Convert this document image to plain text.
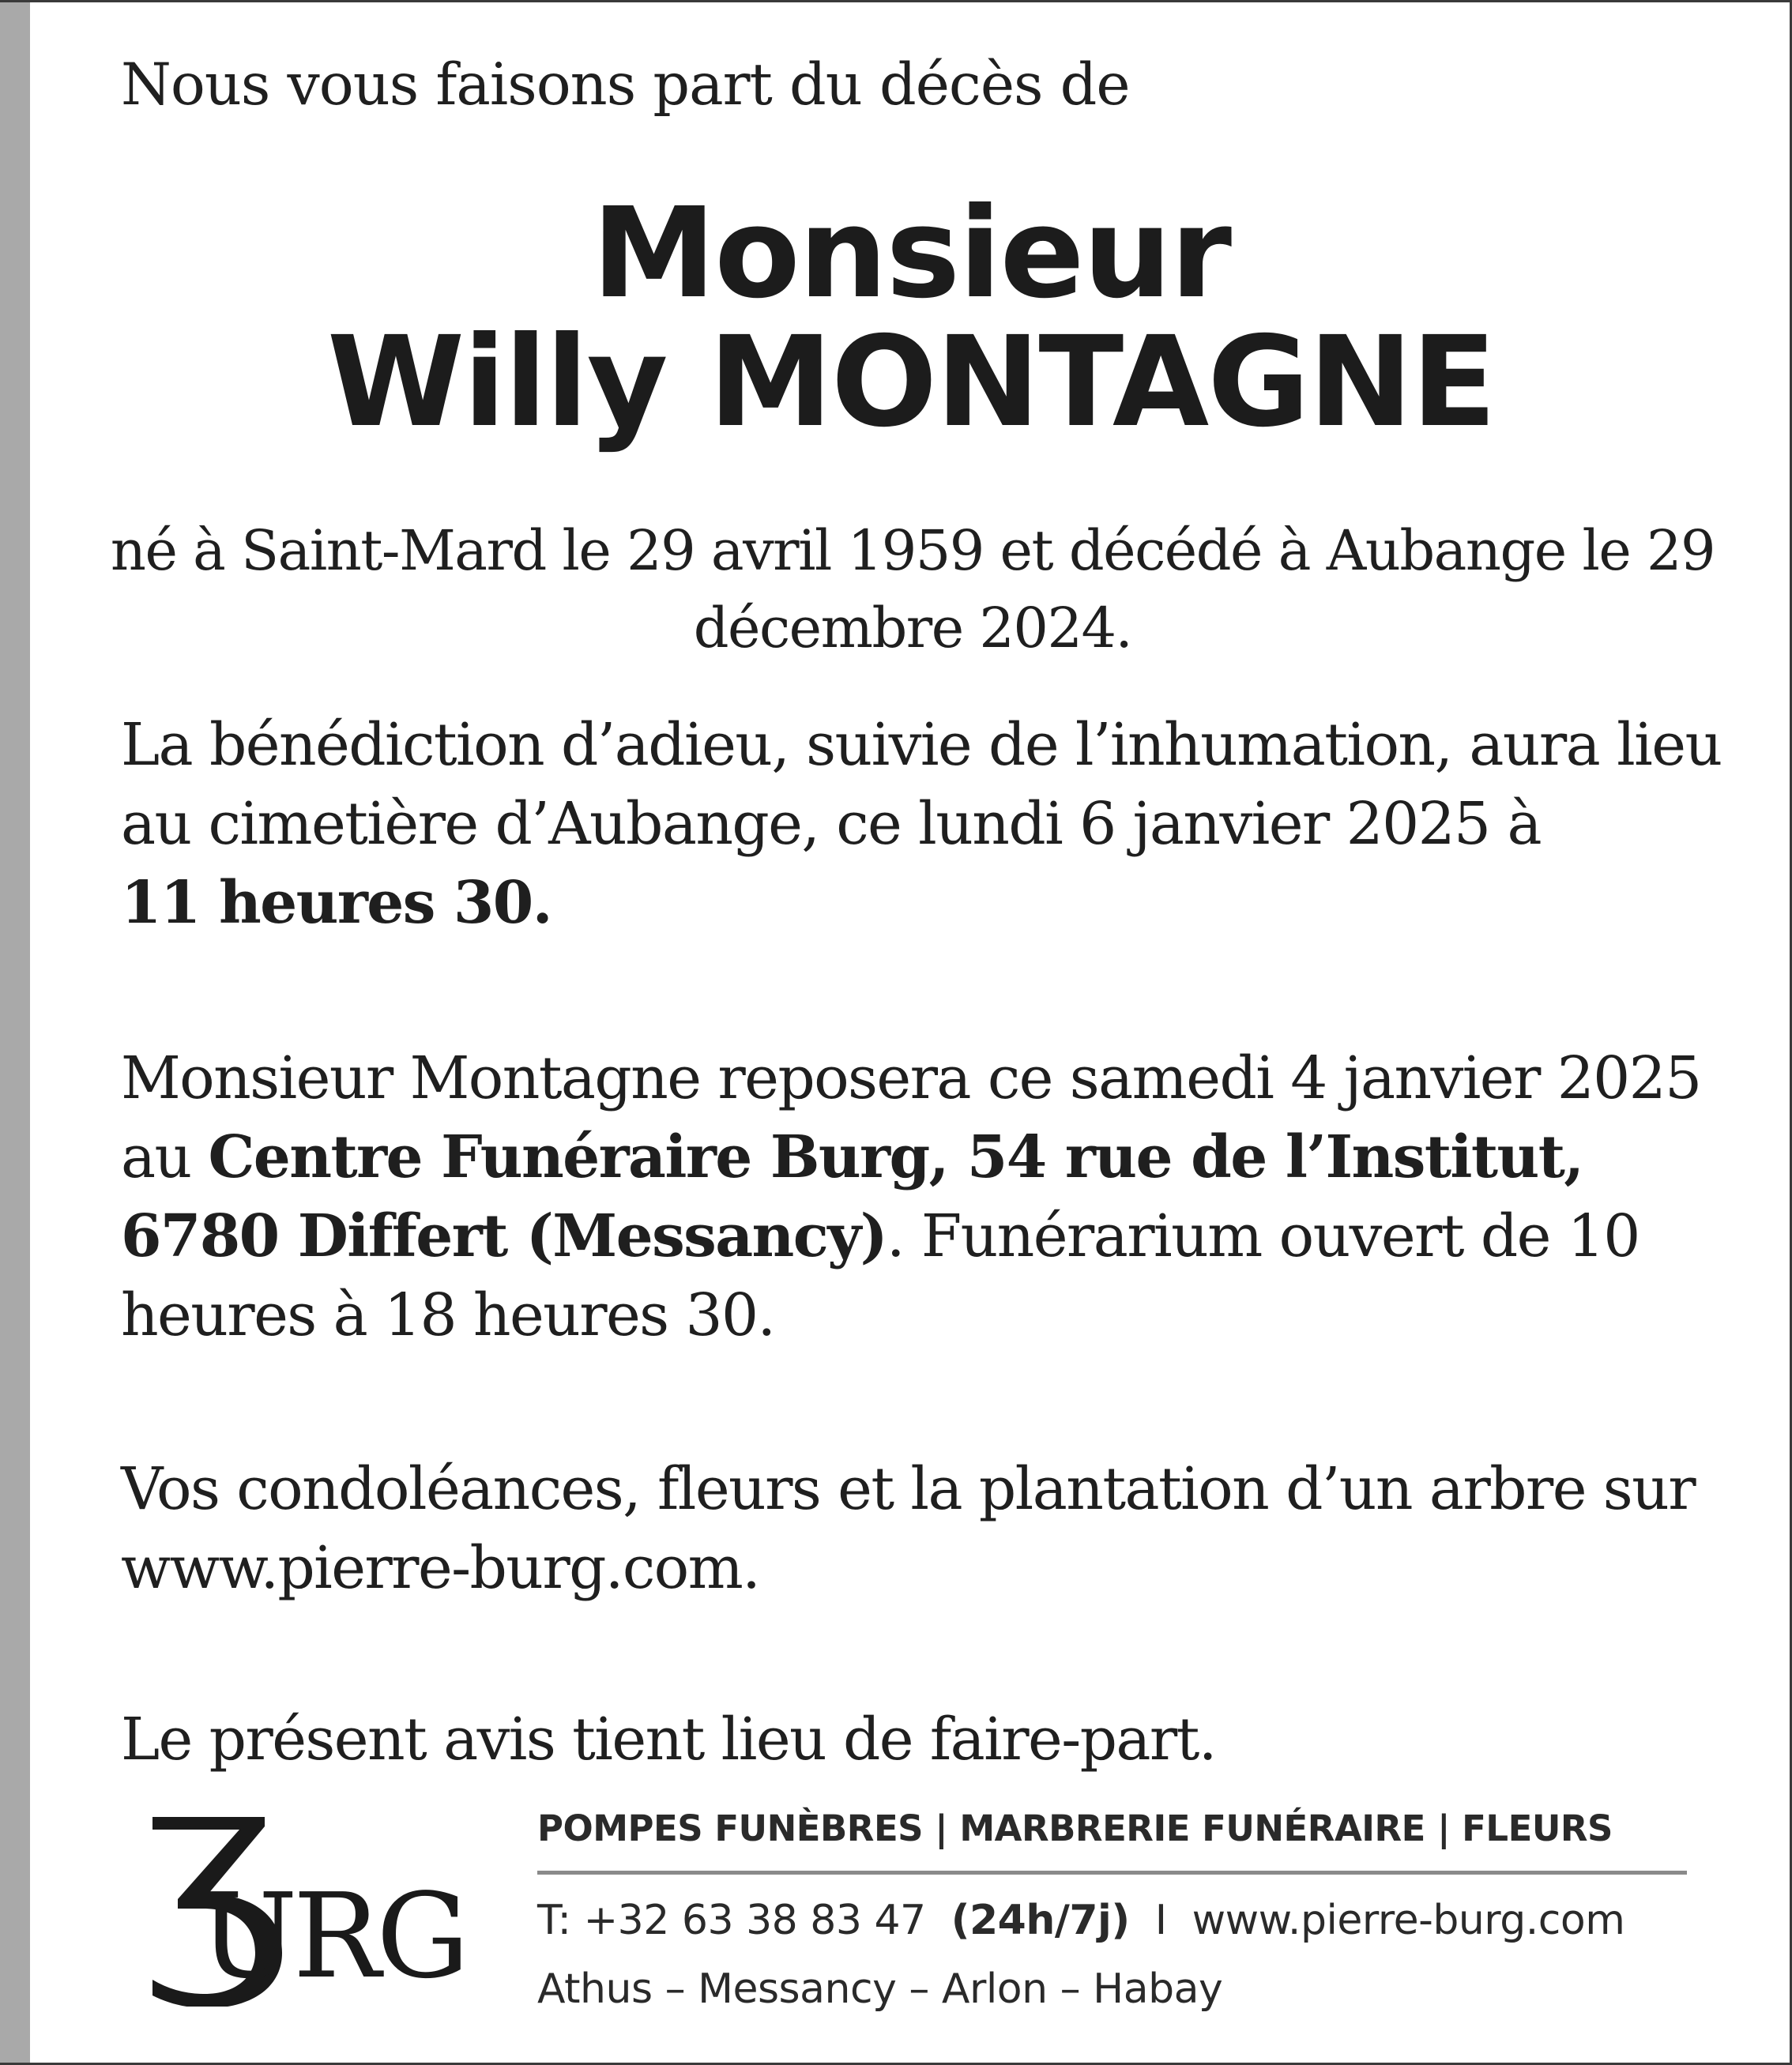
Nous vous faisons part du décès de
Monsieur
Willy MONTAGNE
né à Saint-Mard le 29 avril 1959 et décédé à Aubange le 29
décembre 2024.
La bénédiction d’adieu, suivie de l’inhumation, aura lieu au cimetière d’Aubange, ce lundi 6 janvier 2025 à
11 heures 30.
Monsieur Montagne reposera ce samedi 4 janvier 2025 au Centre Funéraire Burg, 54 rue de l’Institut, 6780 Differt (Messancy). Funérarium ouvert de 10 heures à 18 heures 30.
Vos condoléances, fleurs et la plantation d’un arbre sur www.pierre-burg.com.
Le présent avis tient lieu de faire-part.
URG
POMPES FUNÈBRES | MARBRERIE FUNÉRAIRE | FLEURS
T: +32 63 38 83 47 (24h/7j) I www.pierre-burg.com
Athus – Messancy – Arlon – Habay
